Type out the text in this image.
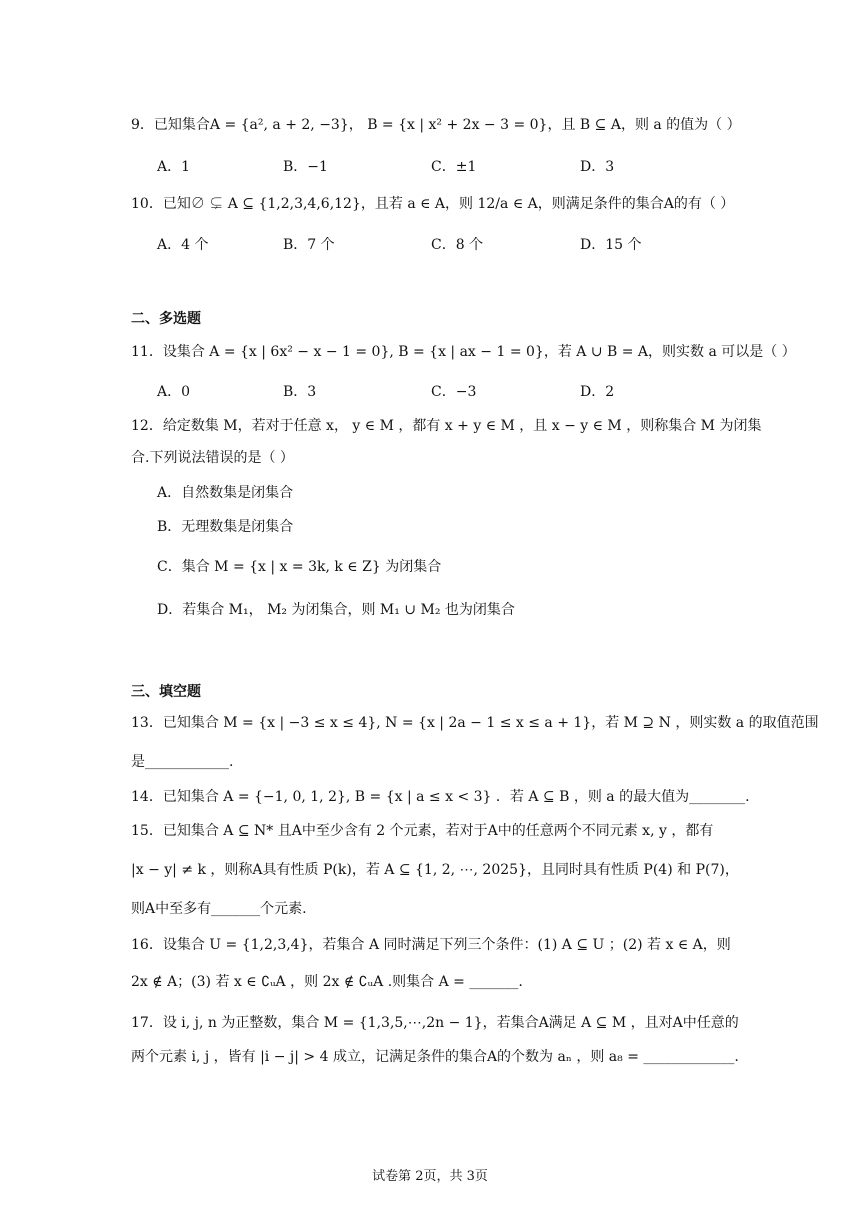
9．已知集合A = {a², a + 2, −3}， B = {x | x² + 2x − 3 = 0}，且 B ⊆ A，则 a 的值为（ ）
A．1	B．−1	C．±1	D．3
10．已知∅ ⊊ A ⊆ {1,2,3,4,6,12}，且若 a ∈ A，则 12/a ∈ A，则满足条件的集合A的有（ ）
A．4 个	B．7 个	C．8 个	D．15 个
二、多选题
11．设集合 A = {x | 6x² − x − 1 = 0}, B = {x | ax − 1 = 0}，若 A ∪ B = A，则实数 a 可以是（ ）
A．0	B．3	C．−3	D．2
12．给定数集 M，若对于任意 x， y ∈ M ，都有 x + y ∈ M ，且 x − y ∈ M ，则称集合 M 为闭集
合.下列说法错误的是（ ）
A．自然数集是闭集合
B．无理数集是闭集合
C．集合 M = {x | x = 3k, k ∈ Z} 为闭集合
D．若集合 M₁， M₂ 为闭集合，则 M₁ ∪ M₂ 也为闭集合
三、填空题
13．已知集合 M = {x | −3 ≤ x ≤ 4}, N = {x | 2a − 1 ≤ x ≤ a + 1}，若 M ⊇ N ，则实数 a 的取值范围
是____________.
14．已知集合 A = {−1, 0, 1, 2}, B = {x | a ≤ x < 3} ．若 A ⊆ B ，则 a 的最大值为________.
15．已知集合 A ⊆ N* 且A中至少含有 2 个元素，若对于A中的任意两个不同元素 x, y ，都有
|x − y| ≠ k ，则称A具有性质 P(k)，若 A ⊆ {1, 2, ⋯, 2025}，且同时具有性质 P(4) 和 P(7)，
则A中至多有_______个元素.
16．设集合 U = {1,2,3,4}，若集合 A 同时满足下列三个条件：(1) A ⊆ U ；(2) 若 x ∈ A，则
2x ∉ A；(3) 若 x ∈ ∁ᵤA ，则 2x ∉ ∁ᵤA .则集合 A = _______.
17．设 i, j, n 为正整数，集合 M = {1,3,5,⋯,2n − 1}，若集合A满足 A ⊆ M ，且对A中任意的
两个元素 i, j ，皆有 |i − j| > 4 成立，记满足条件的集合A的个数为 aₙ ，则 a₈ = _____________.
试卷第 2页，共 3页
